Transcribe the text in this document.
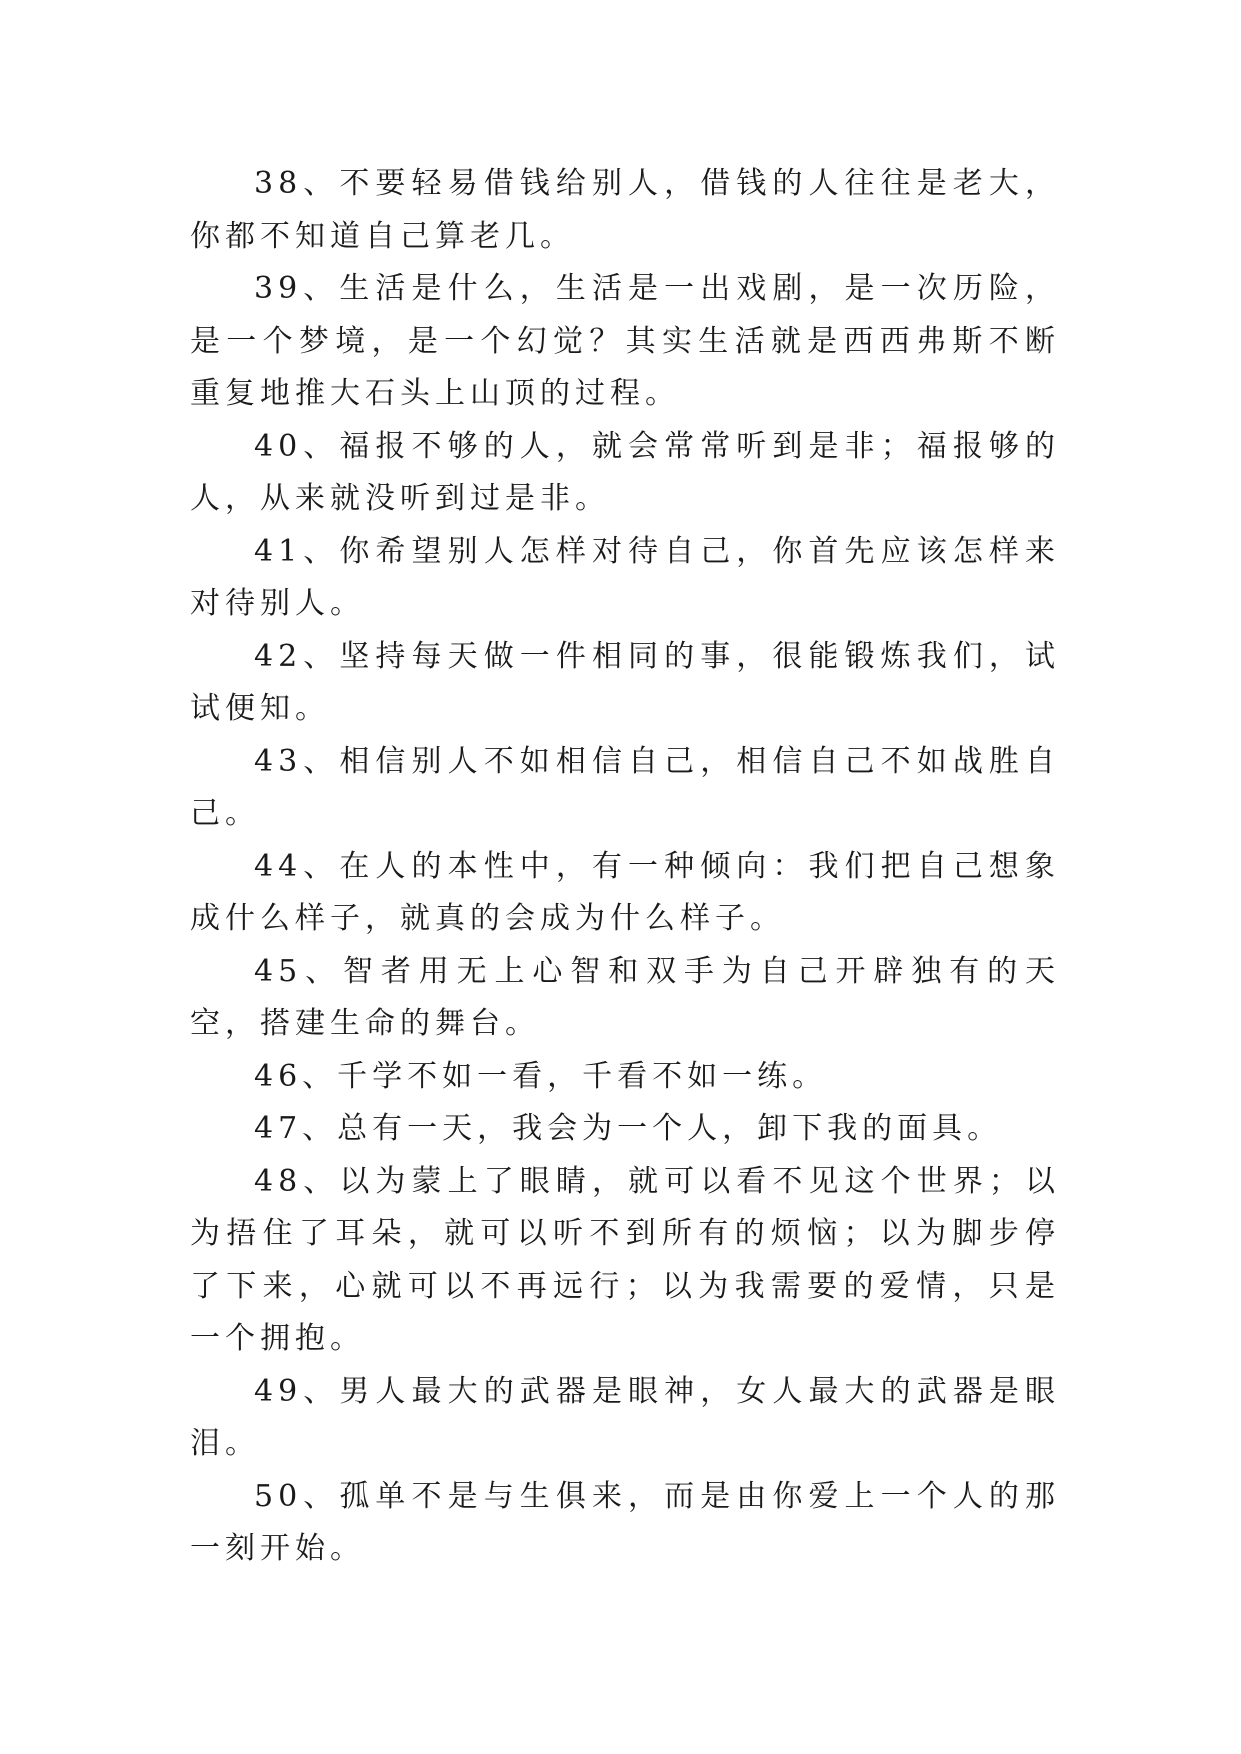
38、不要轻易借钱给别人，借钱的人往往是老大，你都不知道自己算老几。

39、生活是什么，生活是一出戏剧，是一次历险，是一个梦境，是一个幻觉？其实生活就是西西弗斯不断重复地推大石头上山顶的过程。

40、福报不够的人，就会常常听到是非；福报够的人，从来就没听到过是非。

41、你希望别人怎样对待自己，你首先应该怎样来对待别人。

42、坚持每天做一件相同的事，很能锻炼我们，试试便知。

43、相信别人不如相信自己，相信自己不如战胜自己。

44、在人的本性中，有一种倾向：我们把自己想象成什么样子，就真的会成为什么样子。

45、智者用无上心智和双手为自己开辟独有的天空，搭建生命的舞台。

46、千学不如一看，千看不如一练。

47、总有一天，我会为一个人，卸下我的面具。

48、以为蒙上了眼睛，就可以看不见这个世界；以为捂住了耳朵，就可以听不到所有的烦恼；以为脚步停了下来，心就可以不再远行；以为我需要的爱情，只是一个拥抱。

49、男人最大的武器是眼神，女人最大的武器是眼泪。

50、孤单不是与生俱来，而是由你爱上一个人的那一刻开始。
